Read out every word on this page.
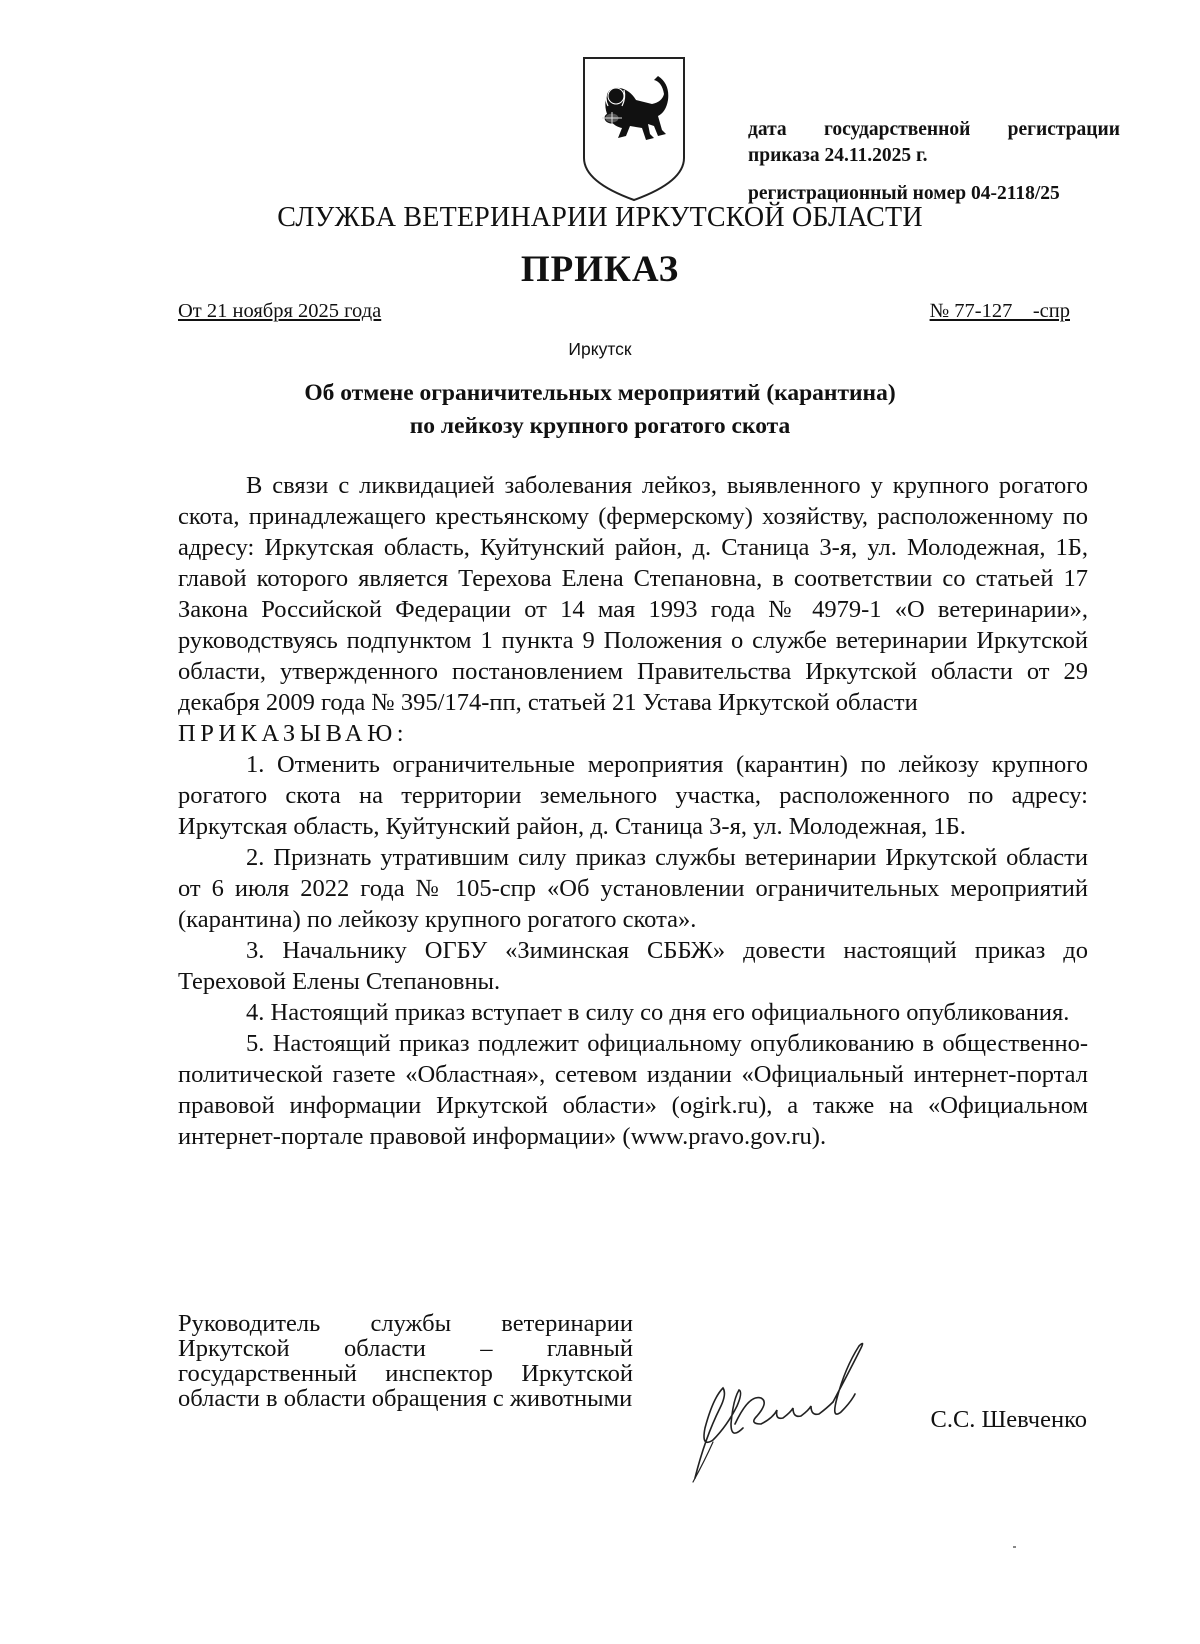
дата государственной регистрации
приказа 24.11.2025 г.
регистрационный номер 04-2118/25
СЛУЖБА ВЕТЕРИНАРИИ ИРКУТСКОЙ ОБЛАСТИ
ПРИКАЗ
От 21 ноября 2025 года	№ 77-127    -спр
Иркутск
Об отмене ограничительных мероприятий (карантина)
по лейкозу крупного рогатого скота

В связи с ликвидацией заболевания лейкоз, выявленного у крупного рогатого скота, принадлежащего крестьянскому (фермерскому) хозяйству, расположенному по адресу: Иркутская область, Куйтунский район, д. Станица 3-я, ул. Молодежная, 1Б, главой которого является Терехова Елена Степановна, в соответствии со статьей 17 Закона Российской Федерации от 14 мая 1993 года № 4979-1 «О ветеринарии», руководствуясь подпунктом 1 пункта 9 Положения о службе ветеринарии Иркутской области, утвержденного постановлением Правительства Иркутской области от 29 декабря 2009 года № 395/174-пп, статьей 21 Устава Иркутской области

ПРИКАЗЫВАЮ:

1. Отменить ограничительные мероприятия (карантин) по лейкозу крупного рогатого скота на территории земельного участка, расположенного по адресу: Иркутская область, Куйтунский район, д. Станица 3-я, ул. Молодежная, 1Б.

2. Признать утратившим силу приказ службы ветеринарии Иркутской области от 6 июля 2022 года № 105-спр «Об установлении ограничительных мероприятий (карантина) по лейкозу крупного рогатого скота».

3. Начальнику ОГБУ «Зиминская СББЖ» довести настоящий приказ до Тереховой Елены Степановны.

4. Настоящий приказ вступает в силу со дня его официального опубликования.

5. Настоящий приказ подлежит официальному опубликованию в общественно-политической газете «Областная», сетевом издании «Официальный интернет-портал правовой информации Иркутской области» (ogirk.ru), а также на «Официальном интернет-портале правовой информации» (www.pravo.gov.ru).

Руководитель службы ветеринарии Иркутской области – главный государственный инспектор Иркутской области в области обращения с животными
С.С. Шевченко
